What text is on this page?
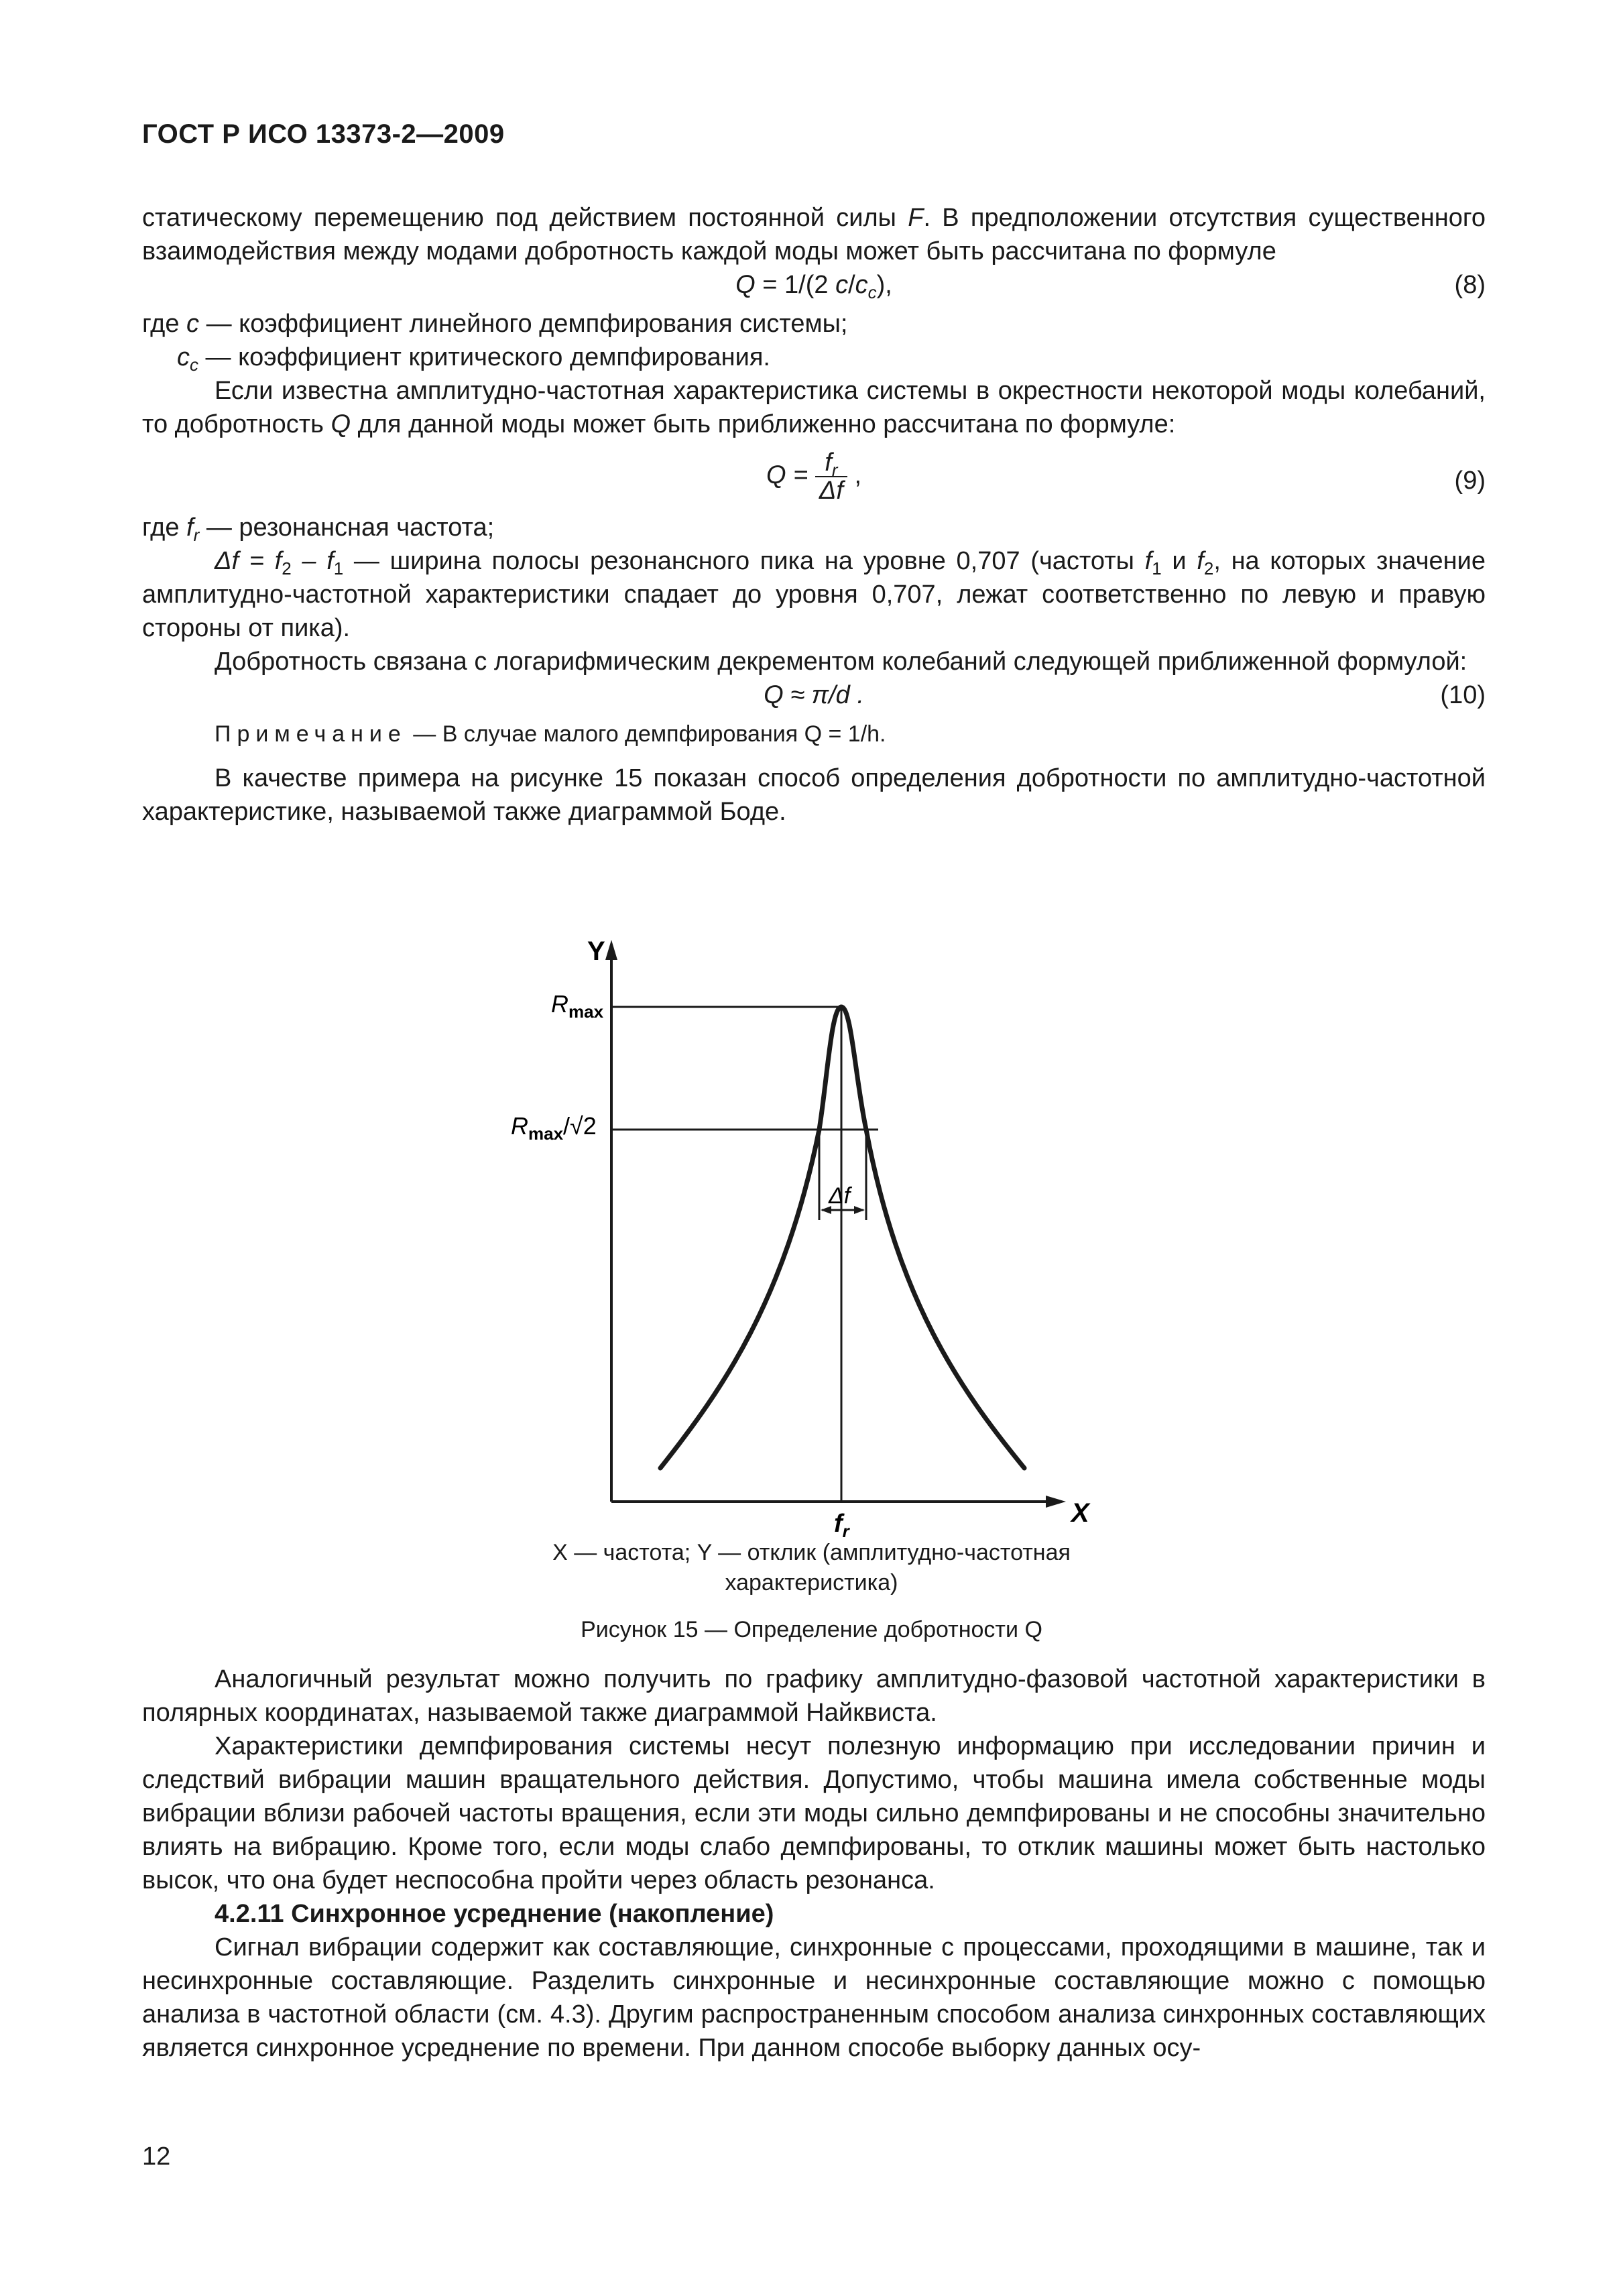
ГОСТ Р ИСО 13373-2—2009

статическому перемещению под действием постоянной силы F. В предположении отсутствия существенного взаимодействия между модами добротность каждой моды может быть рассчитана по формуле

Q = 1/(2 $c/c_c$),	(8)

где c — коэффициент линейного демпфирования системы;

$c_c$ — коэффициент критического демпфирования.

Если известна амплитудно-частотная характеристика системы в окрестности некоторой моды колебаний, то добротность Q для данной моды может быть приближенно рассчитана по формуле:

$Q = \frac{f_r}{\Delta f}$ ,	(9)

где $f_r$ — резонансная частота;

$\Delta f = f_2 - f_1$ — ширина полосы резонансного пика на уровне 0,707 (частоты $f_1$ и $f_2$, на которых значение амплитудно-частотной характеристики спадает до уровня 0,707, лежат соответственно по левую и правую стороны от пика).

Добротность связана с логарифмическим декрементом колебаний следующей приближенной формулой:

Q ≈ π/d .	(10)

Примечание — В случае малого демпфирования Q = 1/h.

В качестве примера на рисунке 15 показан способ определения добротности по амплитудно-частотной характеристике, называемой также диаграммой Боде.

Y
X
$R_{max}$
$R_{max}/√2$
Δf
$f_r$
X — частота; Y — отклик (амплитудно-частотная
характеристика)
Рисунок 15 — Определение добротности Q

Аналогичный результат можно получить по графику амплитудно-фазовой частотной характеристики в полярных координатах, называемой также диаграммой Найквиста.

Характеристики демпфирования системы несут полезную информацию при исследовании причин и следствий вибрации машин вращательного действия. Допустимо, чтобы машина имела собственные моды вибрации вблизи рабочей частоты вращения, если эти моды сильно демпфированы и не способны значительно влиять на вибрацию. Кроме того, если моды слабо демпфированы, то отклик машины может быть настолько высок, что она будет неспособна пройти через область резонанса.

4.2.11 Синхронное усреднение (накопление)

Сигнал вибрации содержит как составляющие, синхронные с процессами, проходящими в машине, так и несинхронные составляющие. Разделить синхронные и несинхронные составляющие можно с помощью анализа в частотной области (см. 4.3). Другим распространенным способом анализа синхронных составляющих является синхронное усреднение по времени. При данном способе выборку данных осу-

12
